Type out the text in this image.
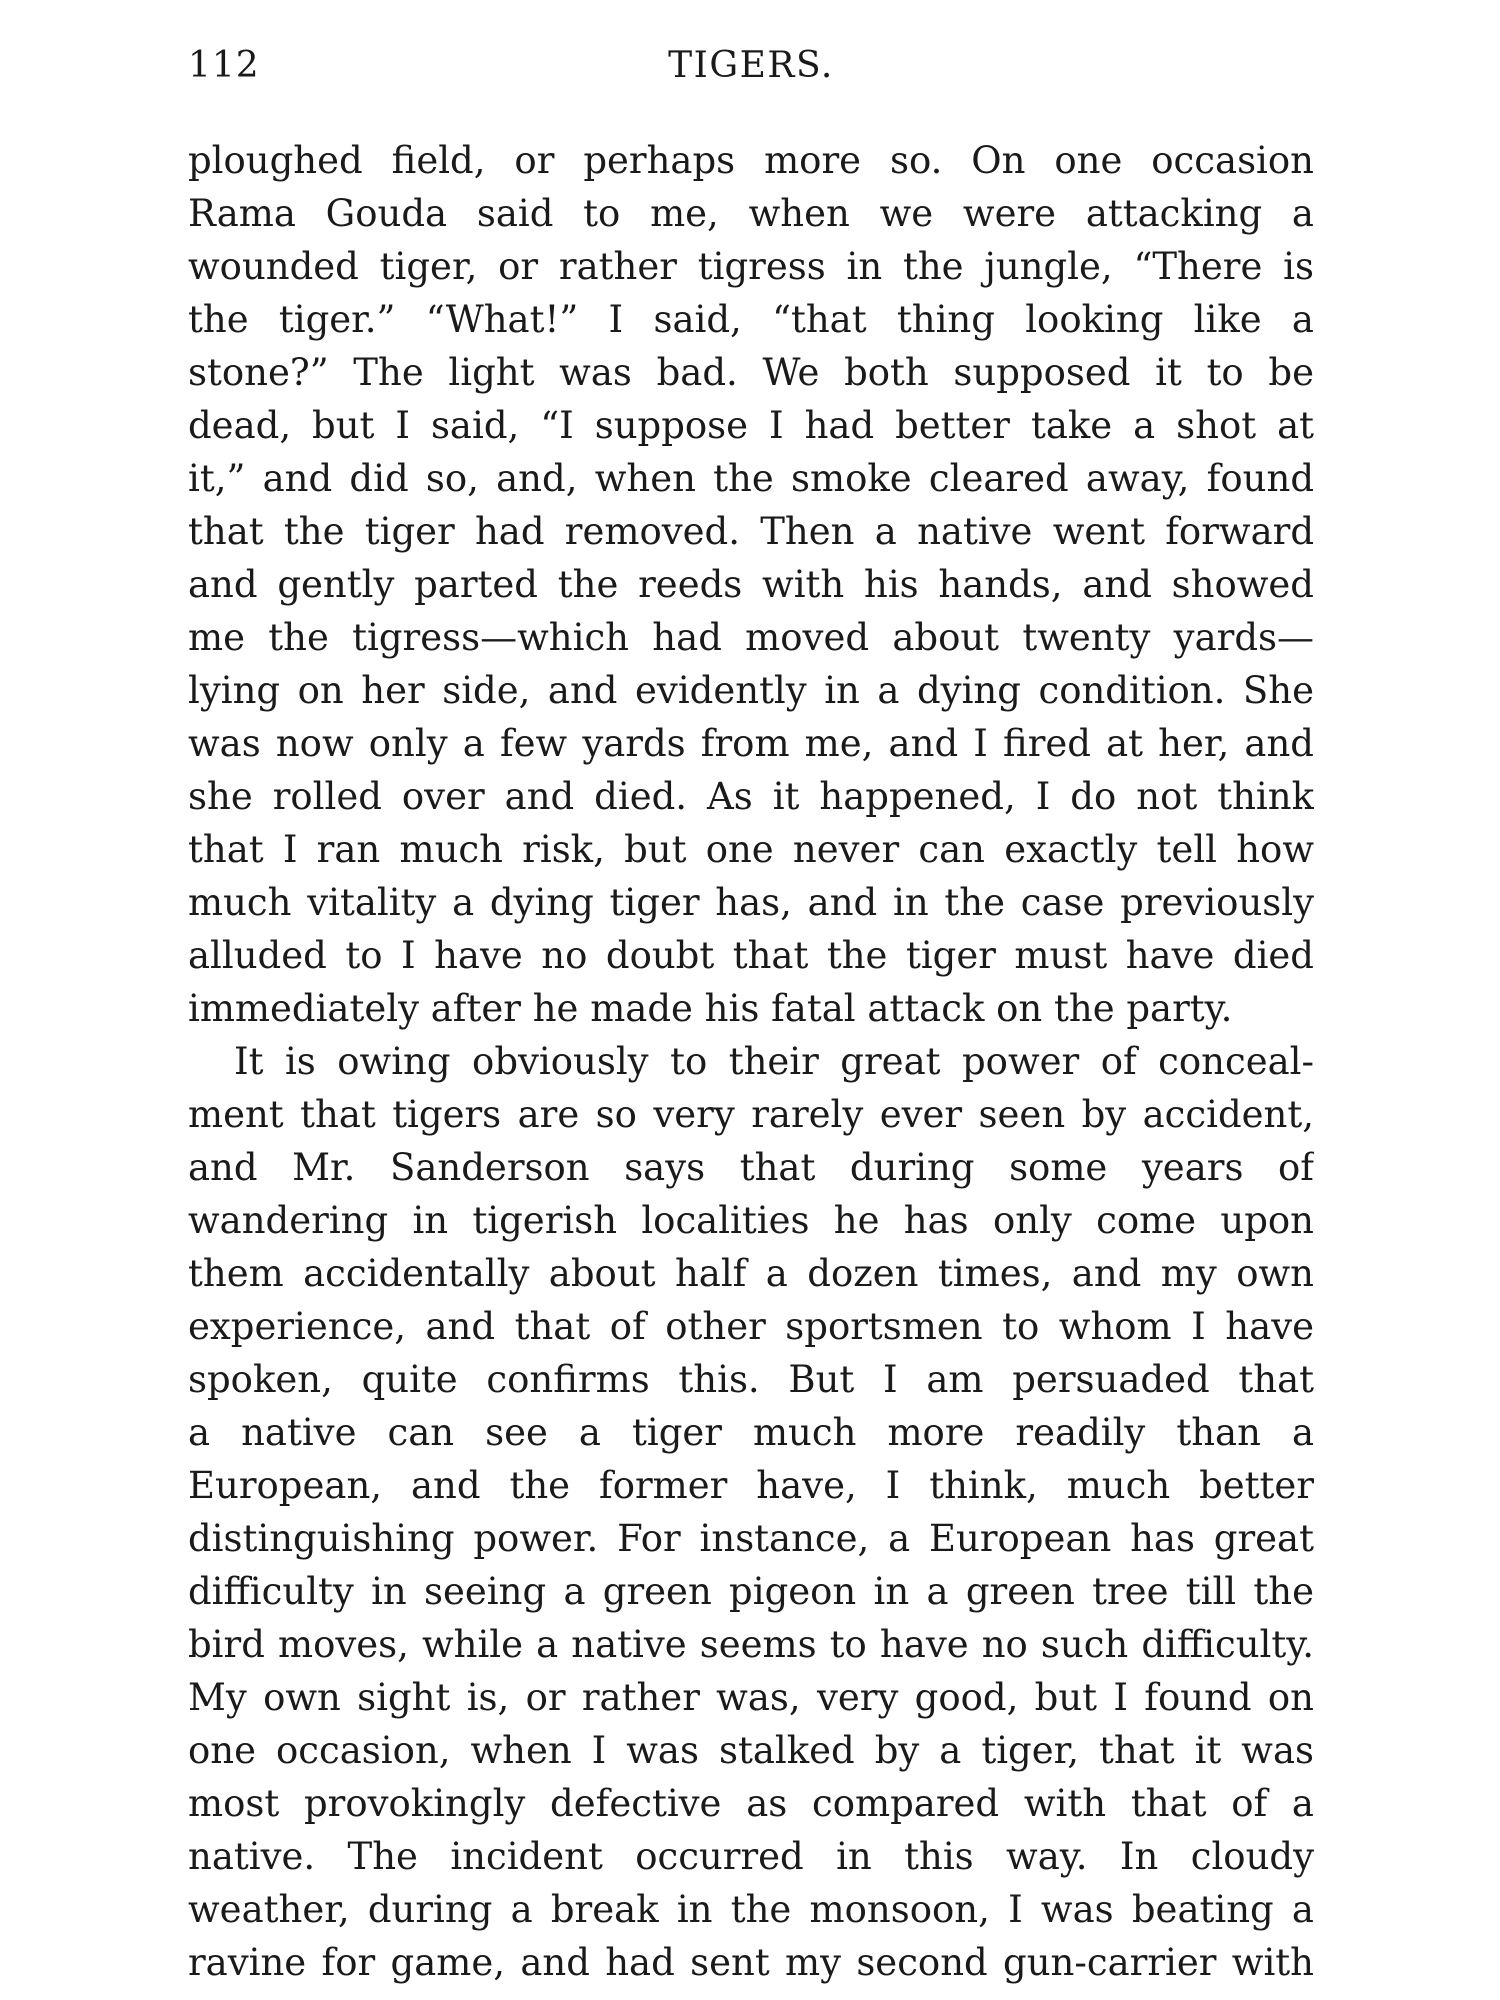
112	TIGERS.
ploughed field, or perhaps more so. On one occasion
Rama Gouda said to me, when we were attacking a
wounded tiger, or rather tigress in the jungle, “There is
the tiger.” “What!” I said, “that thing looking like a
stone?” The light was bad. We both supposed it to be
dead, but I said, “I suppose I had better take a shot at
it,” and did so, and, when the smoke cleared away, found
that the tiger had removed. Then a native went forward
and gently parted the reeds with his hands, and showed
me the tigress—which had moved about twenty yards—
lying on her side, and evidently in a dying condition. She
was now only a few yards from me, and I fired at her, and
she rolled over and died. As it happened, I do not think
that I ran much risk, but one never can exactly tell how
much vitality a dying tiger has, and in the case previously
alluded to I have no doubt that the tiger must have died
immediately after he made his fatal attack on the party.
It is owing obviously to their great power of conceal-
ment that tigers are so very rarely ever seen by accident,
and Mr. Sanderson says that during some years of
wandering in tigerish localities he has only come upon
them accidentally about half a dozen times, and my own
experience, and that of other sportsmen to whom I have
spoken, quite confirms this. But I am persuaded that
a native can see a tiger much more readily than a
European, and the former have, I think, much better
distinguishing power. For instance, a European has great
difficulty in seeing a green pigeon in a green tree till the
bird moves, while a native seems to have no such difficulty.
My own sight is, or rather was, very good, but I found on
one occasion, when I was stalked by a tiger, that it was
most provokingly defective as compared with that of a
native. The incident occurred in this way. In cloudy
weather, during a break in the monsoon, I was beating a
ravine for game, and had sent my second gun-carrier with
